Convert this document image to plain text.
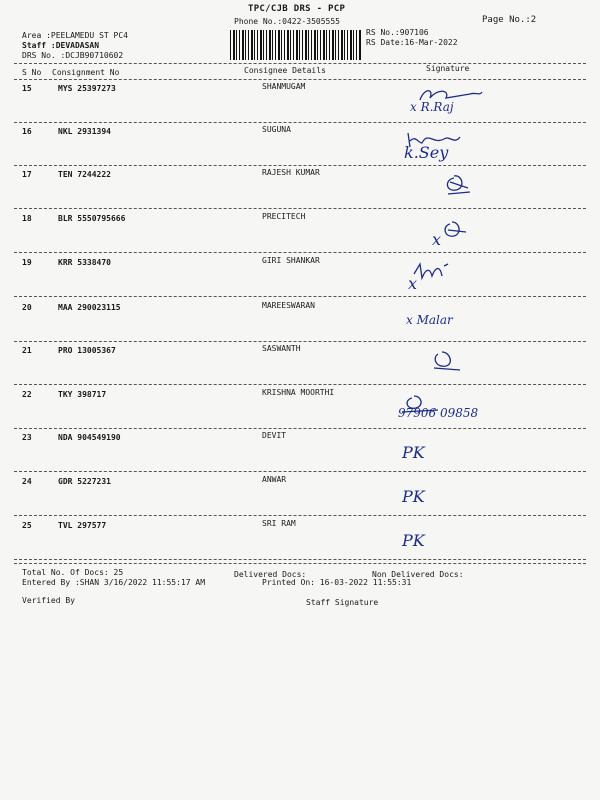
TPC/CJB DRS - PCP
Phone No.:0422-3505555	Page No.:2
Area :PEELAMEDU ST PC4
Staff :DEVADASAN
DRS No. :DCJB90710602
RS No.:907106
RS Date:16-Mar-2022
S No Consignment No	Consignee Details	Signature
15	MYS 25397273	SHANMUGAM
x R.Raj
16	NKL 2931394	SUGUNA
k.Sey
17	TEN 7244222	RAJESH KUMAR
18	BLR 5550795666	PRECITECH
x
19	KRR 5338470	GIRI SHANKAR
x
20	MAA 290023115	MAREESWARAN
x Malar
21	PRO 13005367	SASWANTH
22	TKY 398717	KRISHNA MOORTHI
97906 09858
23	NDA 904549190	DEVIT
PK
24	GDR 5227231	ANWAR
PK
25	TVL 297577	SRI RAM
PK
Total No. Of Docs: 25	Delivered Docs:	Non Delivered Docs:
Entered By :SHAN 3/16/2022 11:55:17 AM	Printed On: 16-03-2022 11:55:31
Verified By	Staff Signature
